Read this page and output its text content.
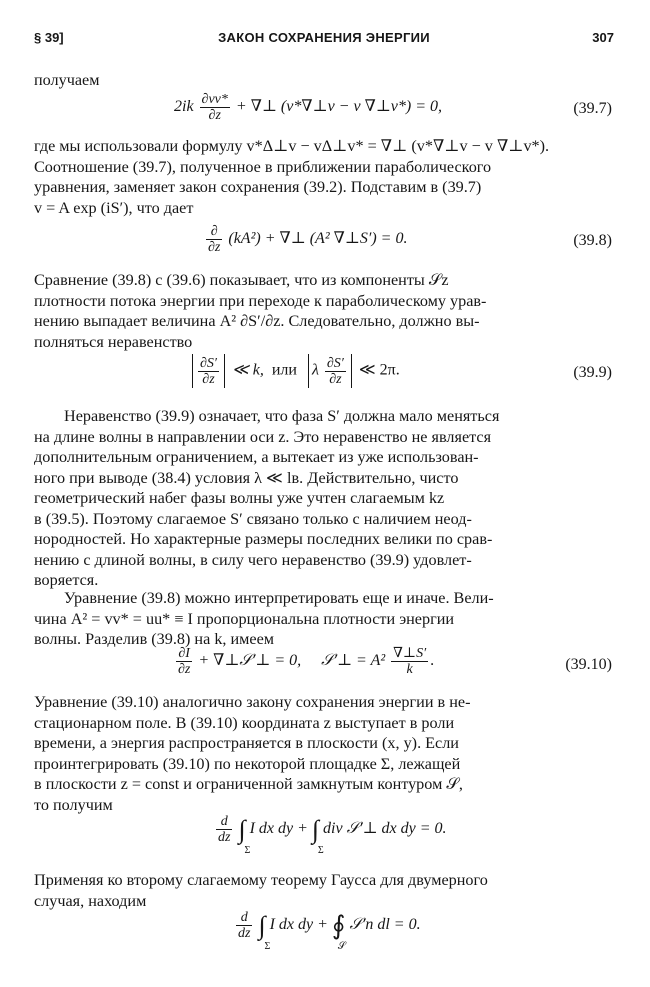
§ 39]	ЗАКОН СОХРАНЕНИЯ ЭНЕРГИИ	307
получаем
$2ik \frac{\partial vv*}{\partial z}$ + ∇⊥ (v*∇⊥v − v ∇⊥v*) = 0,	(39.7)
где мы использовали формулу v*Δ⊥v − vΔ⊥v* = ∇⊥ (v*∇⊥v − v ∇⊥v*).
Соотношение (39.7), полученное в приближении параболического
уравнения, заменяет закон сохранения (39.2). Подставим в (39.7)
v = A exp (iS′), что дает
$\frac{\partial}{\partial z} (kA^2)$ + ∇⊥ (A² ∇⊥S′) = 0.	(39.8)
Сравнение (39.8) с (39.6) показывает, что из компоненты 𝒮z
плотности потока энергии при переходе к параболическому урав-
нению выпадает величина A² ∂S′/∂z. Следовательно, должно вы-
полняться неравенство
$\frac{\partial S'}{\partial z}$ ≪ k, или λ $\frac{\partial S'}{\partial z}$ ≪ 2π.	(39.9)
Неравенство (39.9) означает, что фаза S′ должна мало меняться
на длине волны в направлении оси z. Это неравенство не является
дополнительным ограничением, а вытекает из уже использован-
ного при выводе (38.4) условия λ ≪ lв. Действительно, чисто
геометрический набег фазы волны уже учтен слагаемым kz
в (39.5). Поэтому слагаемое S′ связано только с наличием неод-
нородностей. Но характерные размеры последних велики по срав-
нению с длиной волны, в силу чего неравенство (39.9) удовлет-
воряется.
Уравнение (39.8) можно интерпретировать еще и иначе. Вели-
чина A² = vv* = uu* ≡ I пропорциональна плотности энергии
волны. Разделив (39.8) на k, имеем
$\frac{\partial I}{\partial z}$ + ∇⊥𝒮′⊥ = 0, 𝒮′⊥ = $A^2 \frac{\nabla\perp S'}{k}$ .	(39.10)
Уравнение (39.10) аналогично закону сохранения энергии в не-
стационарном поле. В (39.10) координата z выступает в роли
времени, а энергия распространяется в плоскости (x, y). Если
проинтегрировать (39.10) по некоторой площадке Σ, лежащей
в плоскости z = const и ограниченной замкнутым контуром 𝒮,
то получим
$\frac{d}{dz}$ ∫
Σ
I dx dy + ∫
Σ
div 𝒮′⊥ dx dy = 0.
Применяя ко второму слагаемому теорему Гаусса для двумерного
случая, находим
$\frac{d}{dz}$ ∫
Σ
I dx dy + ∮
𝒮
𝒮′n dl = 0.
